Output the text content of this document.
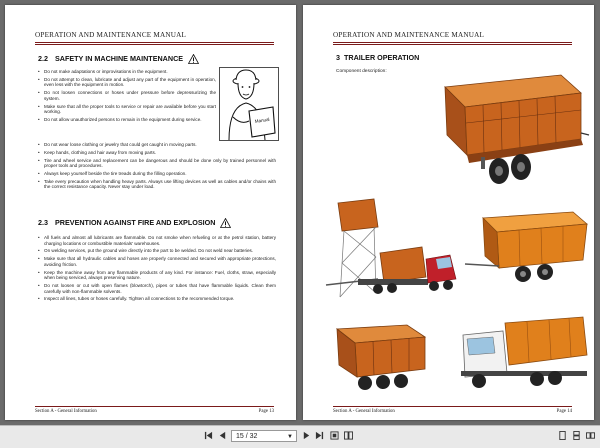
OPERATION AND MAINTENANCE MANUAL
2.2 SAFETY IN MACHINE MAINTENANCE
Manual
• Do not make adaptations or improvisations in the equipment.
• Do not attempt to clean, lubricate and adjust any part of the equipment in operation, even less with the equipment in motion.
• Do not loosen connections or hoses under pressure before depressurizing the system.
• Make sure that all the proper tools to service or repair are available before you start working.
• Do not allow unauthorized persons to remain in the equipment during service.
• Do not wear loose clothing or jewelry that could get caught in moving parts.
• Keep hands, clothing and hair away from moving parts.
• Tire and wheel service and replacement can be dangerous and should be done only by trained personnel with proper tools and procedures.
• Always keep yourself beside the tire treads during the filling operation.
• Take every precaution when handling heavy parts. Always use lifting devices as well as cables and/or chains with the correct resistance capacity. Never stay under load.
2.3 PREVENTION AGAINST FIRE AND EXPLOSION
• All fuels and almost all lubricants are flammable. Do not smoke when refueling or at the petrol station, battery charging locations or combustible materials' warehouses.
• On welding services, put the ground wire directly into the part to be welded. Do not weld near batteries.
• Make sure that all hydraulic cables and hoses are properly connected and secured with appropriate protections, avoiding friction.
• Keep the machine away from any flammable products of any kind. For instance: Fuel, cloths, straw, especially when being serviced, always preserving nature.
• Do not loosen or cut with open flames (blowtorch), pipes or tubes that have flammable liquids. Clean them carefully with non-flammable solvents.
• Inspect all lines, tubes or hoses carefully. Tighten all connections to the recommended torque.
Section A - General Information	Page 13
OPERATION AND MAINTENANCE MANUAL
3 TRAILER OPERATION
Component description:
Section A - General Information	Page 14
15 / 32	▼
